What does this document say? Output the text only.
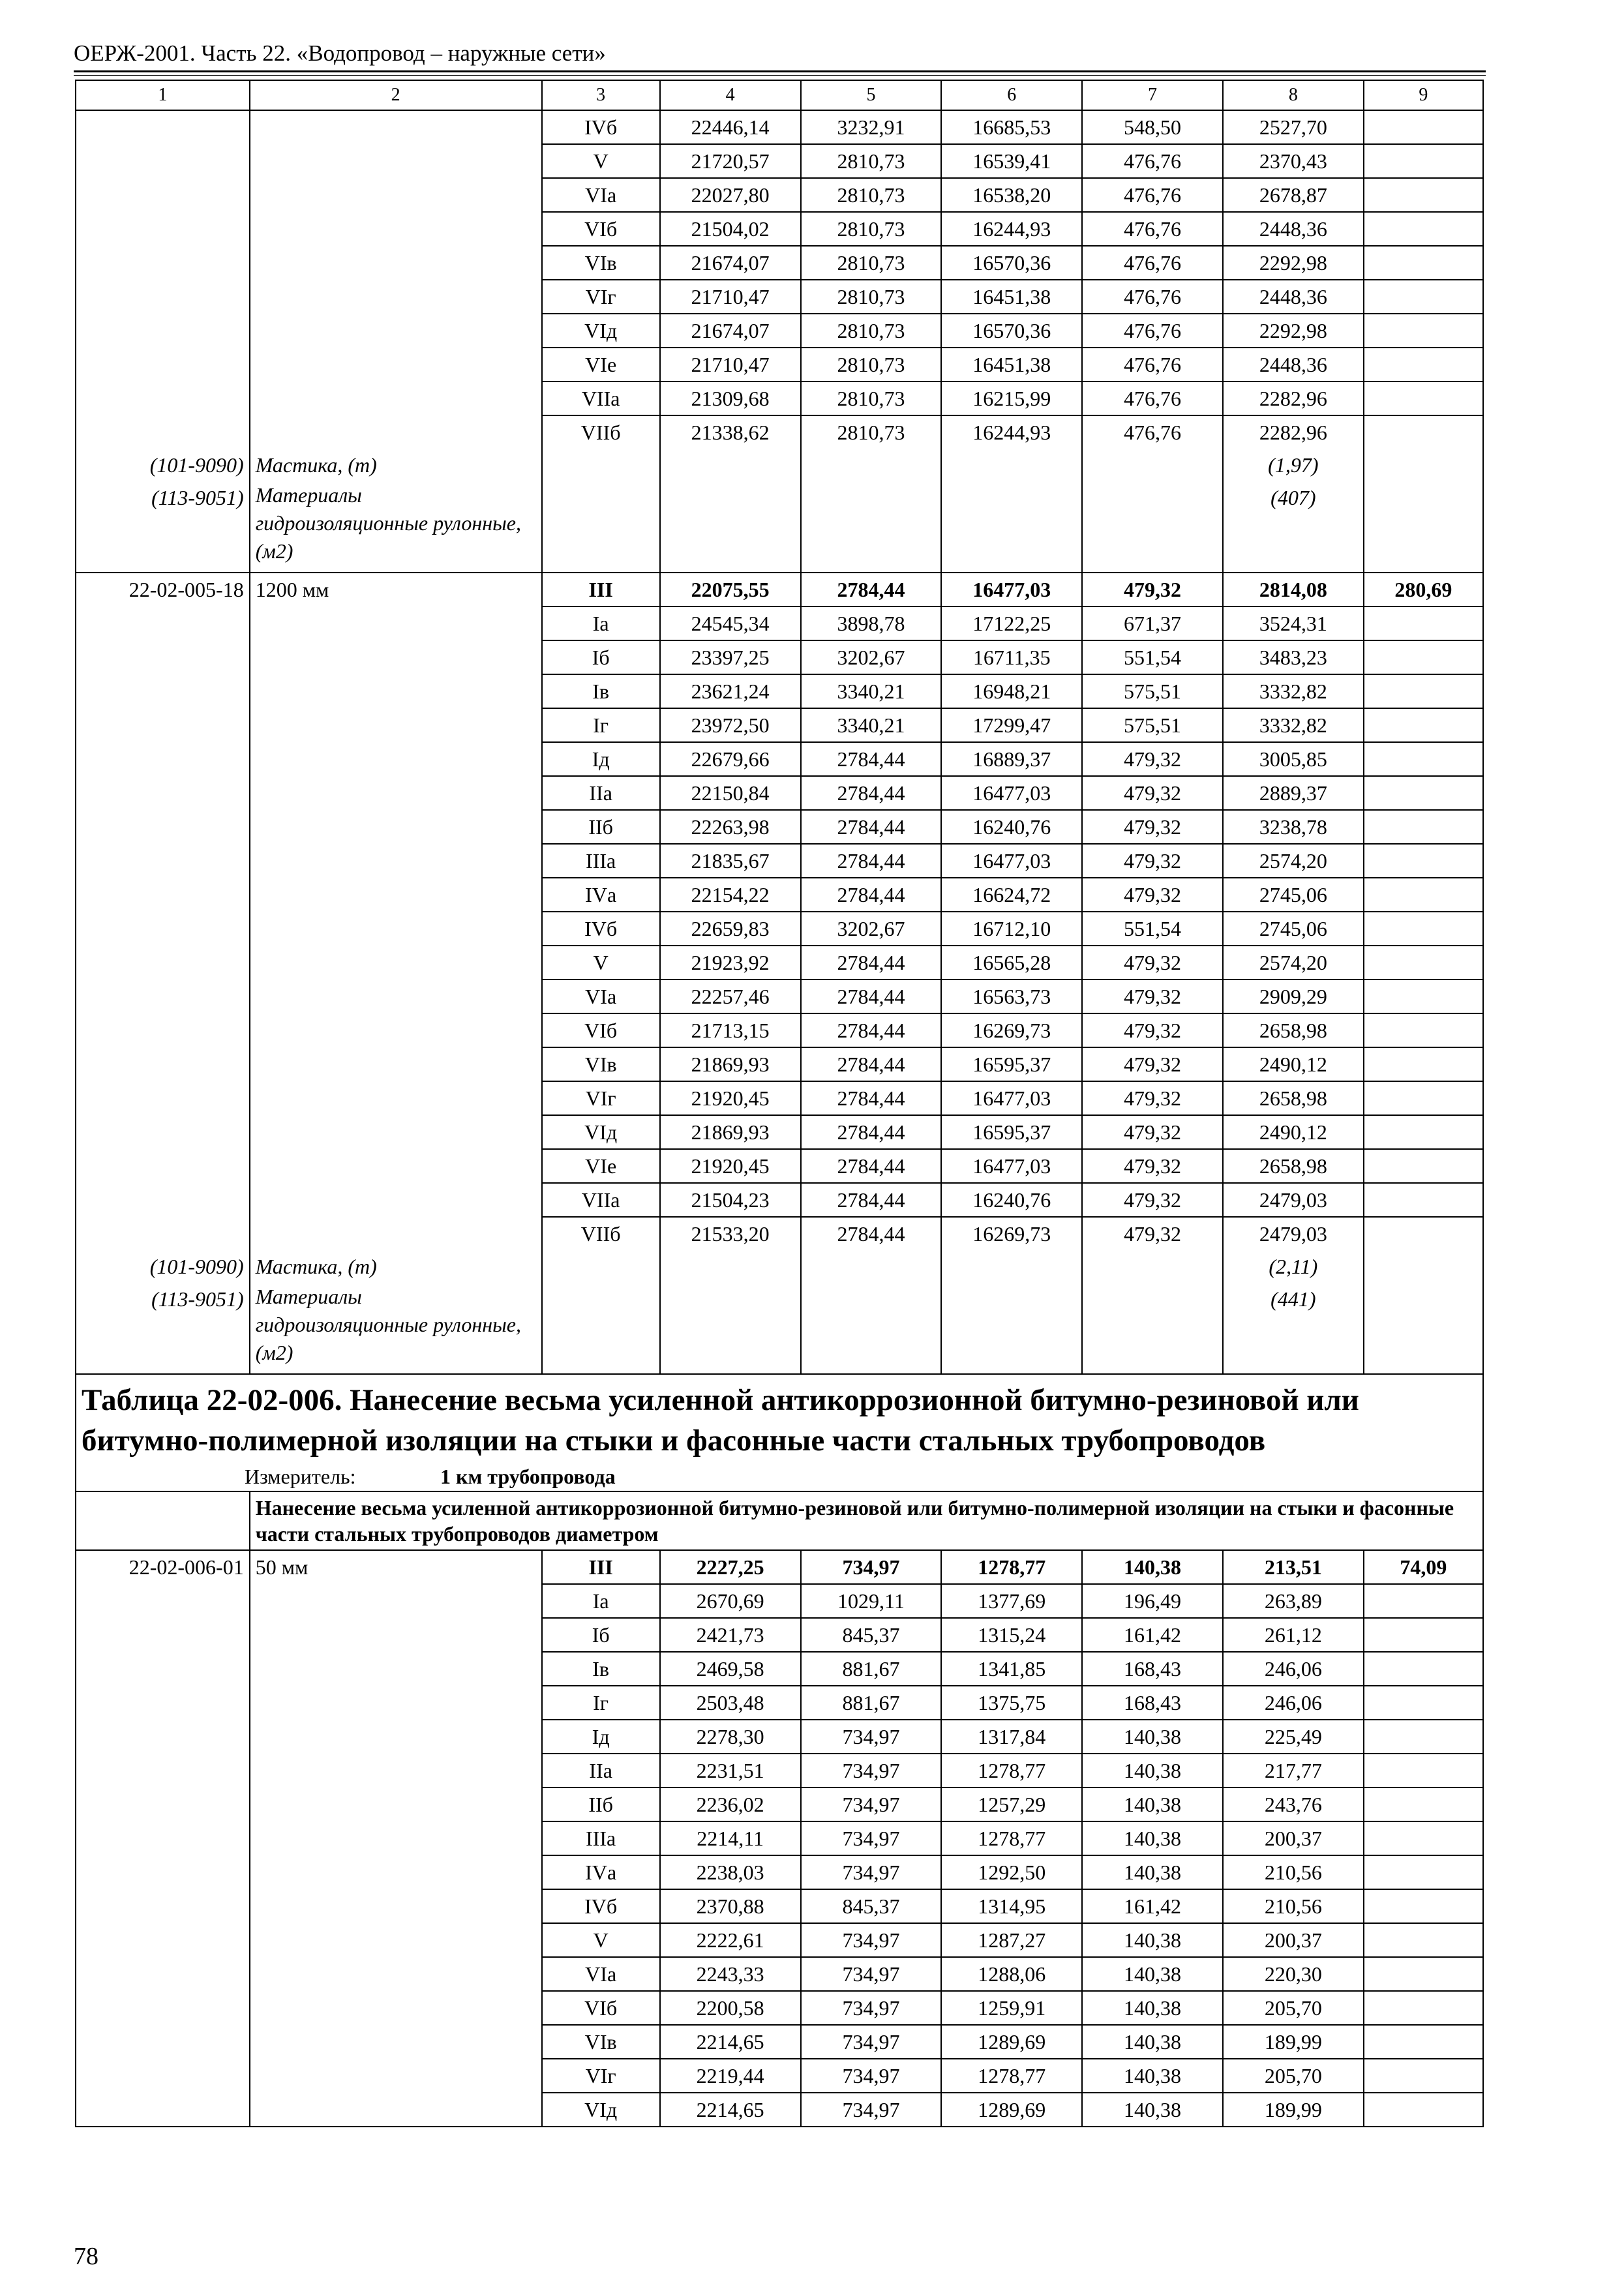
ОЕРЖ-2001. Часть 22. «Водопровод – наружные сети»
1	2	3	4	5	6	7	8	9
		IVб	22446,14	3232,91	16685,53	548,50	2527,70	
		V	21720,57	2810,73	16539,41	476,76	2370,43	
		VIа	22027,80	2810,73	16538,20	476,76	2678,87	
		VIб	21504,02	2810,73	16244,93	476,76	2448,36	
		VIв	21674,07	2810,73	16570,36	476,76	2292,98	
		VIг	21710,47	2810,73	16451,38	476,76	2448,36	
		VIд	21674,07	2810,73	16570,36	476,76	2292,98	
		VIе	21710,47	2810,73	16451,38	476,76	2448,36	
		VIIа	21309,68	2810,73	16215,99	476,76	2282,96	
		VIIб	21338,62	2810,73	16244,93	476,76	2282,96	
(101-9090)	Мастика, (т)						(1,97)	
(113-9051)	Материалы гидроизоляционные рулонные, (м2)						(407)	
22-02-005-18	1200 мм	III	22075,55	2784,44	16477,03	479,32	2814,08	280,69
		Iа	24545,34	3898,78	17122,25	671,37	3524,31	
		Iб	23397,25	3202,67	16711,35	551,54	3483,23	
		Iв	23621,24	3340,21	16948,21	575,51	3332,82	
		Iг	23972,50	3340,21	17299,47	575,51	3332,82	
		Iд	22679,66	2784,44	16889,37	479,32	3005,85	
		IIа	22150,84	2784,44	16477,03	479,32	2889,37	
		IIб	22263,98	2784,44	16240,76	479,32	3238,78	
		IIIа	21835,67	2784,44	16477,03	479,32	2574,20	
		IVа	22154,22	2784,44	16624,72	479,32	2745,06	
		IVб	22659,83	3202,67	16712,10	551,54	2745,06	
		V	21923,92	2784,44	16565,28	479,32	2574,20	
		VIа	22257,46	2784,44	16563,73	479,32	2909,29	
		VIб	21713,15	2784,44	16269,73	479,32	2658,98	
		VIв	21869,93	2784,44	16595,37	479,32	2490,12	
		VIг	21920,45	2784,44	16477,03	479,32	2658,98	
		VIд	21869,93	2784,44	16595,37	479,32	2490,12	
		VIе	21920,45	2784,44	16477,03	479,32	2658,98	
		VIIа	21504,23	2784,44	16240,76	479,32	2479,03	
		VIIб	21533,20	2784,44	16269,73	479,32	2479,03	
(101-9090)	Мастика, (т)						(2,11)	
(113-9051)	Материалы гидроизоляционные рулонные, (м2)						(441)	
Таблица 22-02-006. Нанесение весьма усиленной антикоррозионной битумно-резиновой или битумно-полимерной изоляции на стыки и фасонные части стальных трубопроводов								
Измеритель: 1 км трубопровода								
	Нанесение весьма усиленной антикоррозионной битумно-резиновой или битумно-полимерной изоляции на стыки и фасонные части стальных трубопроводов диаметром							
22-02-006-01	50 мм	III	2227,25	734,97	1278,77	140,38	213,51	74,09
		Iа	2670,69	1029,11	1377,69	196,49	263,89	
		Iб	2421,73	845,37	1315,24	161,42	261,12	
		Iв	2469,58	881,67	1341,85	168,43	246,06	
		Iг	2503,48	881,67	1375,75	168,43	246,06	
		Iд	2278,30	734,97	1317,84	140,38	225,49	
		IIа	2231,51	734,97	1278,77	140,38	217,77	
		IIб	2236,02	734,97	1257,29	140,38	243,76	
		IIIа	2214,11	734,97	1278,77	140,38	200,37	
		IVа	2238,03	734,97	1292,50	140,38	210,56	
		IVб	2370,88	845,37	1314,95	161,42	210,56	
		V	2222,61	734,97	1287,27	140,38	200,37	
		VIа	2243,33	734,97	1288,06	140,38	220,30	
		VIб	2200,58	734,97	1259,91	140,38	205,70	
		VIв	2214,65	734,97	1289,69	140,38	189,99	
		VIг	2219,44	734,97	1278,77	140,38	205,70	
		VIд	2214,65	734,97	1289,69	140,38	189,99	
78
